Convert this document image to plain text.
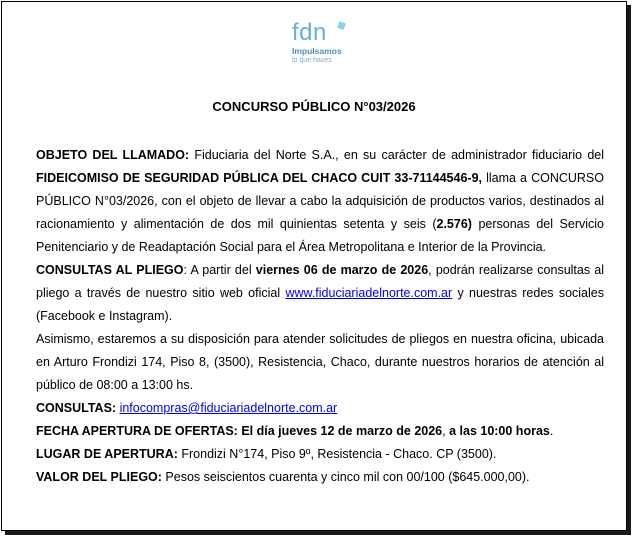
fdn
Impulsamos
lo que haces
CONCURSO PÚBLICO N°03/2026

OBJETO DEL LLAMADO: Fiduciaria del Norte S.A., en su carácter de administrador fiduciario del FIDEICOMISO DE SEGURIDAD PÚBLICA DEL CHACO CUIT 33-71144546-9, llama a CONCURSO PÚBLICO N°03/2026, con el objeto de llevar a cabo la adquisición de productos varios, destinados al racionamiento y alimentación de dos mil quinientas setenta y seis (2.576) personas del Servicio Penitenciario y de Readaptación Social para el Área Metropolitana e Interior de la Provincia.

CONSULTAS AL PLIEGO: A partir del viernes 06 de marzo de 2026, podrán realizarse consultas al pliego a través de nuestro sitio web oficial www.fiduciariadelnorte.com.ar y nuestras redes sociales (Facebook e Instagram).

Asimismo, estaremos a su disposición para atender solicitudes de pliegos en nuestra oficina, ubicada en Arturo Frondizi 174, Piso 8, (3500), Resistencia, Chaco, durante nuestros horarios de atención al público de 08:00 a 13:00 hs.

CONSULTAS: infocompras@fiduciariadelnorte.com.ar

FECHA APERTURA DE OFERTAS: El día jueves 12 de marzo de 2026, a las 10:00 horas.

LUGAR DE APERTURA: Frondizi N°174, Piso 9º, Resistencia - Chaco. CP (3500).

VALOR DEL PLIEGO: Pesos seiscientos cuarenta y cinco mil con 00/100 ($645.000,00).
